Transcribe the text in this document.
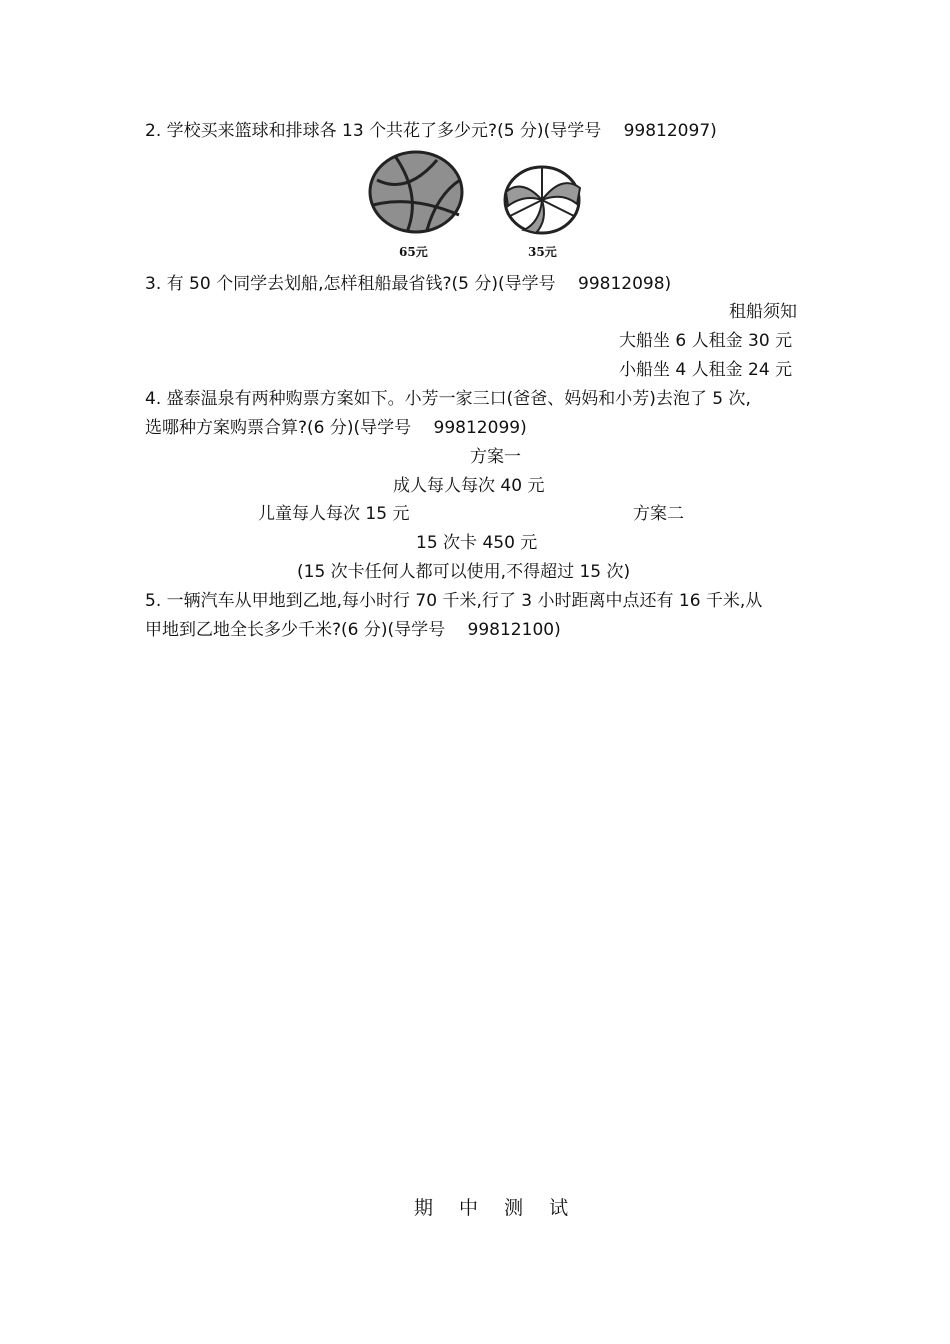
2. 学校买来篮球和排球各 13 个共花了多少元?(5 分)(导学号　 99812097)
65元	35元
3. 有 50 个同学去划船,怎样租船最省钱?(5 分)(导学号　 99812098)
租船须知
大船坐 6 人租金 30 元
小船坐 4 人租金 24 元
4. 盛泰温泉有两种购票方案如下。小芳一家三口(爸爸、妈妈和小芳)去泡了 5 次,
选哪种方案购票合算?(6 分)(导学号　 99812099)
方案一
成人每人每次 40 元
儿童每人每次 15 元	方案二
15 次卡 450 元
(15 次卡任何人都可以使用,不得超过 15 次)
5. 一辆汽车从甲地到乙地,每小时行 70 千米,行了 3 小时距离中点还有 16 千米,从
甲地到乙地全长多少千米?(6 分)(导学号　 99812100)
期 中 测 试
